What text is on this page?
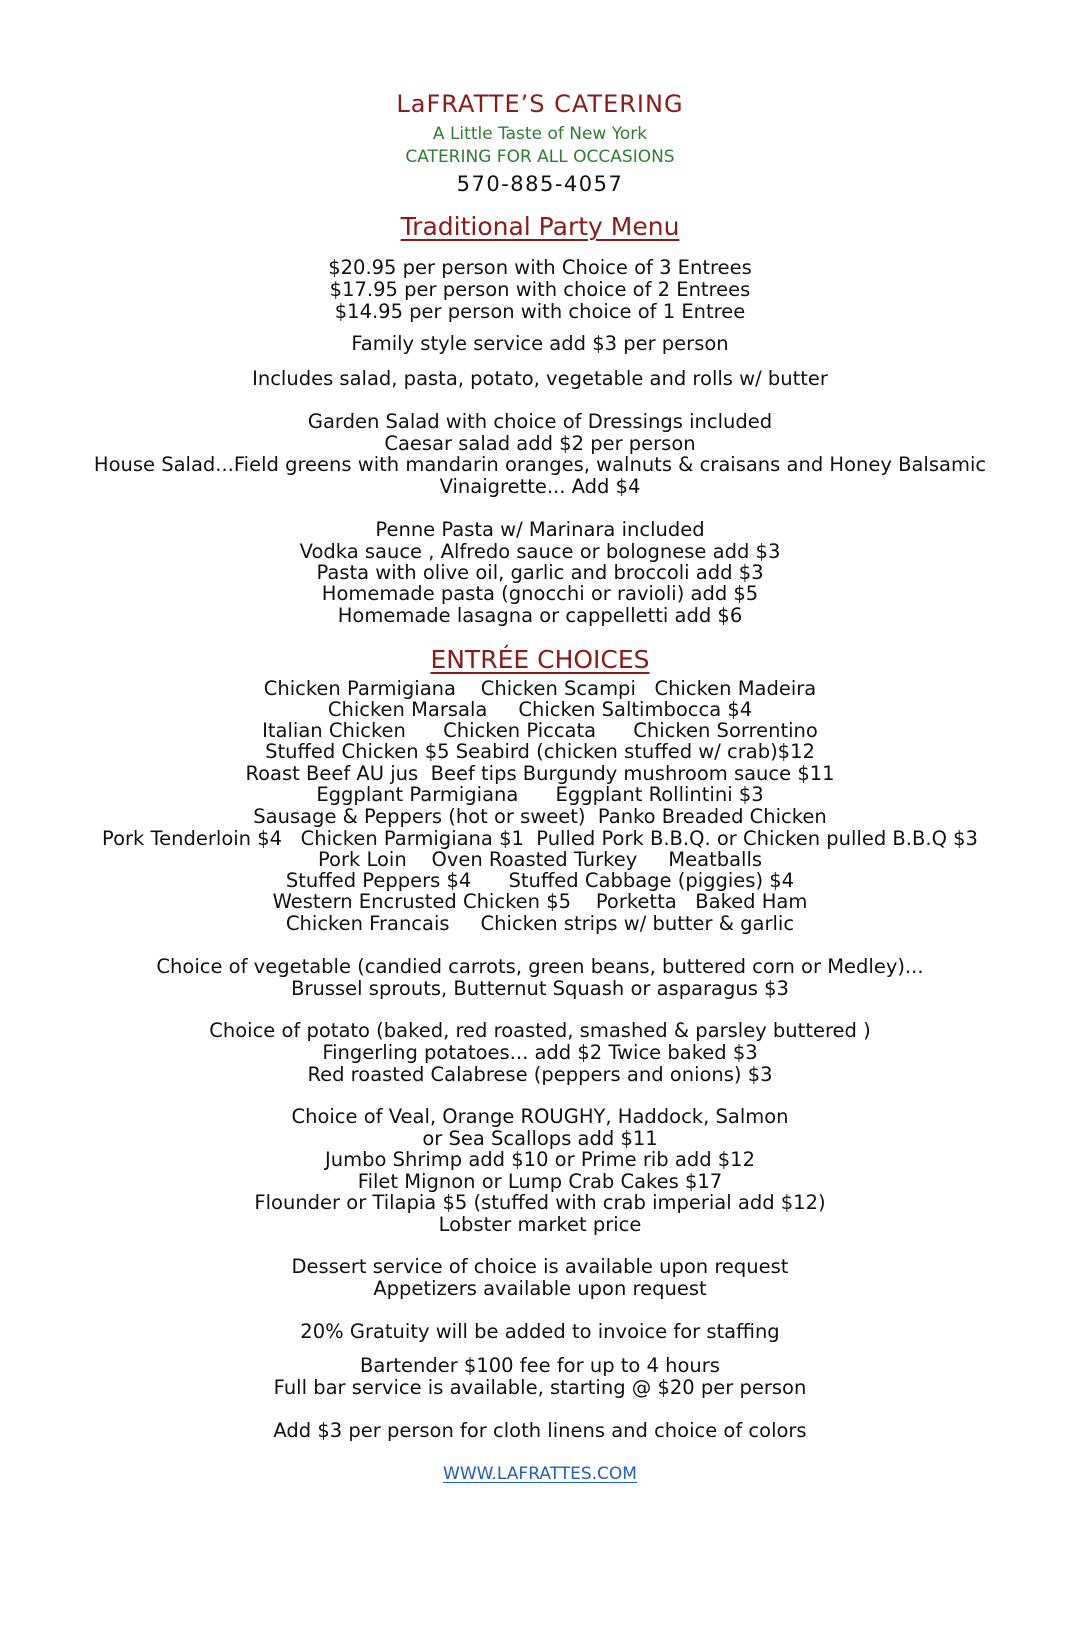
LaFRATTE’S CATERING
A Little Taste of New York
CATERING FOR ALL OCCASIONS
570-885-4057
Traditional Party Menu
$20.95 per person with Choice of 3 Entrees
$17.95 per person with choice of 2 Entrees
$14.95 per person with choice of 1 Entree
Family style service add $3 per person
Includes salad, pasta, potato, vegetable and rolls w/ butter
Garden Salad with choice of Dressings included
Caesar salad add $2 per person
House Salad...Field greens with mandarin oranges, walnuts & craisans and Honey Balsamic
Vinaigrette... Add $4
Penne Pasta w/ Marinara included
Vodka sauce , Alfredo sauce or bolognese add $3
Pasta with olive oil, garlic and broccoli add $3
Homemade pasta (gnocchi or ravioli) add $5
Homemade lasagna or cappelletti add $6
ENTRÉE CHOICES
Chicken Parmigiana    Chicken Scampi   Chicken Madeira
Chicken Marsala     Chicken Saltimbocca $4
Italian Chicken      Chicken Piccata      Chicken Sorrentino
Stuffed Chicken $5 Seabird (chicken stuffed w/ crab)$12
Roast Beef AU jus  Beef tips Burgundy mushroom sauce $11
Eggplant Parmigiana      Eggplant Rollintini $3
Sausage & Peppers (hot or sweet)  Panko Breaded Chicken
Pork Tenderloin $4   Chicken Parmigiana $1  Pulled Pork B.B.Q. or Chicken pulled B.B.Q $3
Pork Loin    Oven Roasted Turkey     Meatballs
Stuffed Peppers $4      Stuffed Cabbage (piggies) $4
Western Encrusted Chicken $5    Porketta   Baked Ham
Chicken Francais     Chicken strips w/ butter & garlic
Choice of vegetable (candied carrots, green beans, buttered corn or Medley)...
Brussel sprouts, Butternut Squash or asparagus $3
Choice of potato (baked, red roasted, smashed & parsley buttered )
Fingerling potatoes... add $2 Twice baked $3
Red roasted Calabrese (peppers and onions) $3
Choice of Veal, Orange ROUGHY, Haddock, Salmon
or Sea Scallops add $11
Jumbo Shrimp add $10 or Prime rib add $12
Filet Mignon or Lump Crab Cakes $17
Flounder or Tilapia $5 (stuffed with crab imperial add $12)
Lobster market price
Dessert service of choice is available upon request
Appetizers available upon request
20% Gratuity will be added to invoice for staffing
Bartender $100 fee for up to 4 hours
Full bar service is available, starting @ $20 per person
Add $3 per person for cloth linens and choice of colors
WWW.LAFRATTES.COM
